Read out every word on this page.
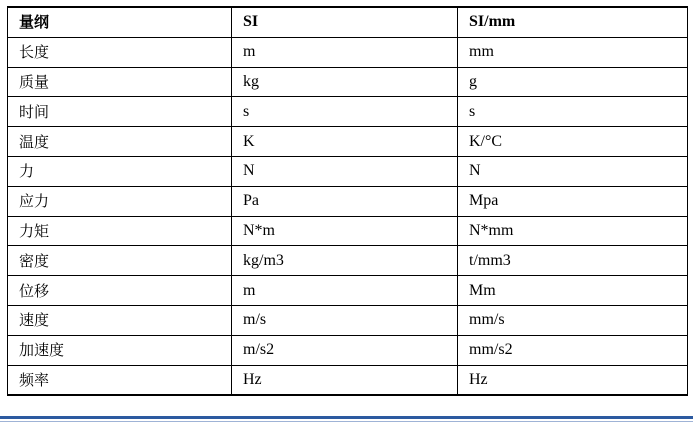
量纲	SI	SI/mm
长度	m	mm
质量	kg	g
时间	s	s
温度	K	K/°C
力	N	N
应力	Pa	Mpa
力矩	N*m	N*mm
密度	kg/m3	t/mm3
位移	m	Mm
速度	m/s	mm/s
加速度	m/s2	mm/s2
频率	Hz	Hz
